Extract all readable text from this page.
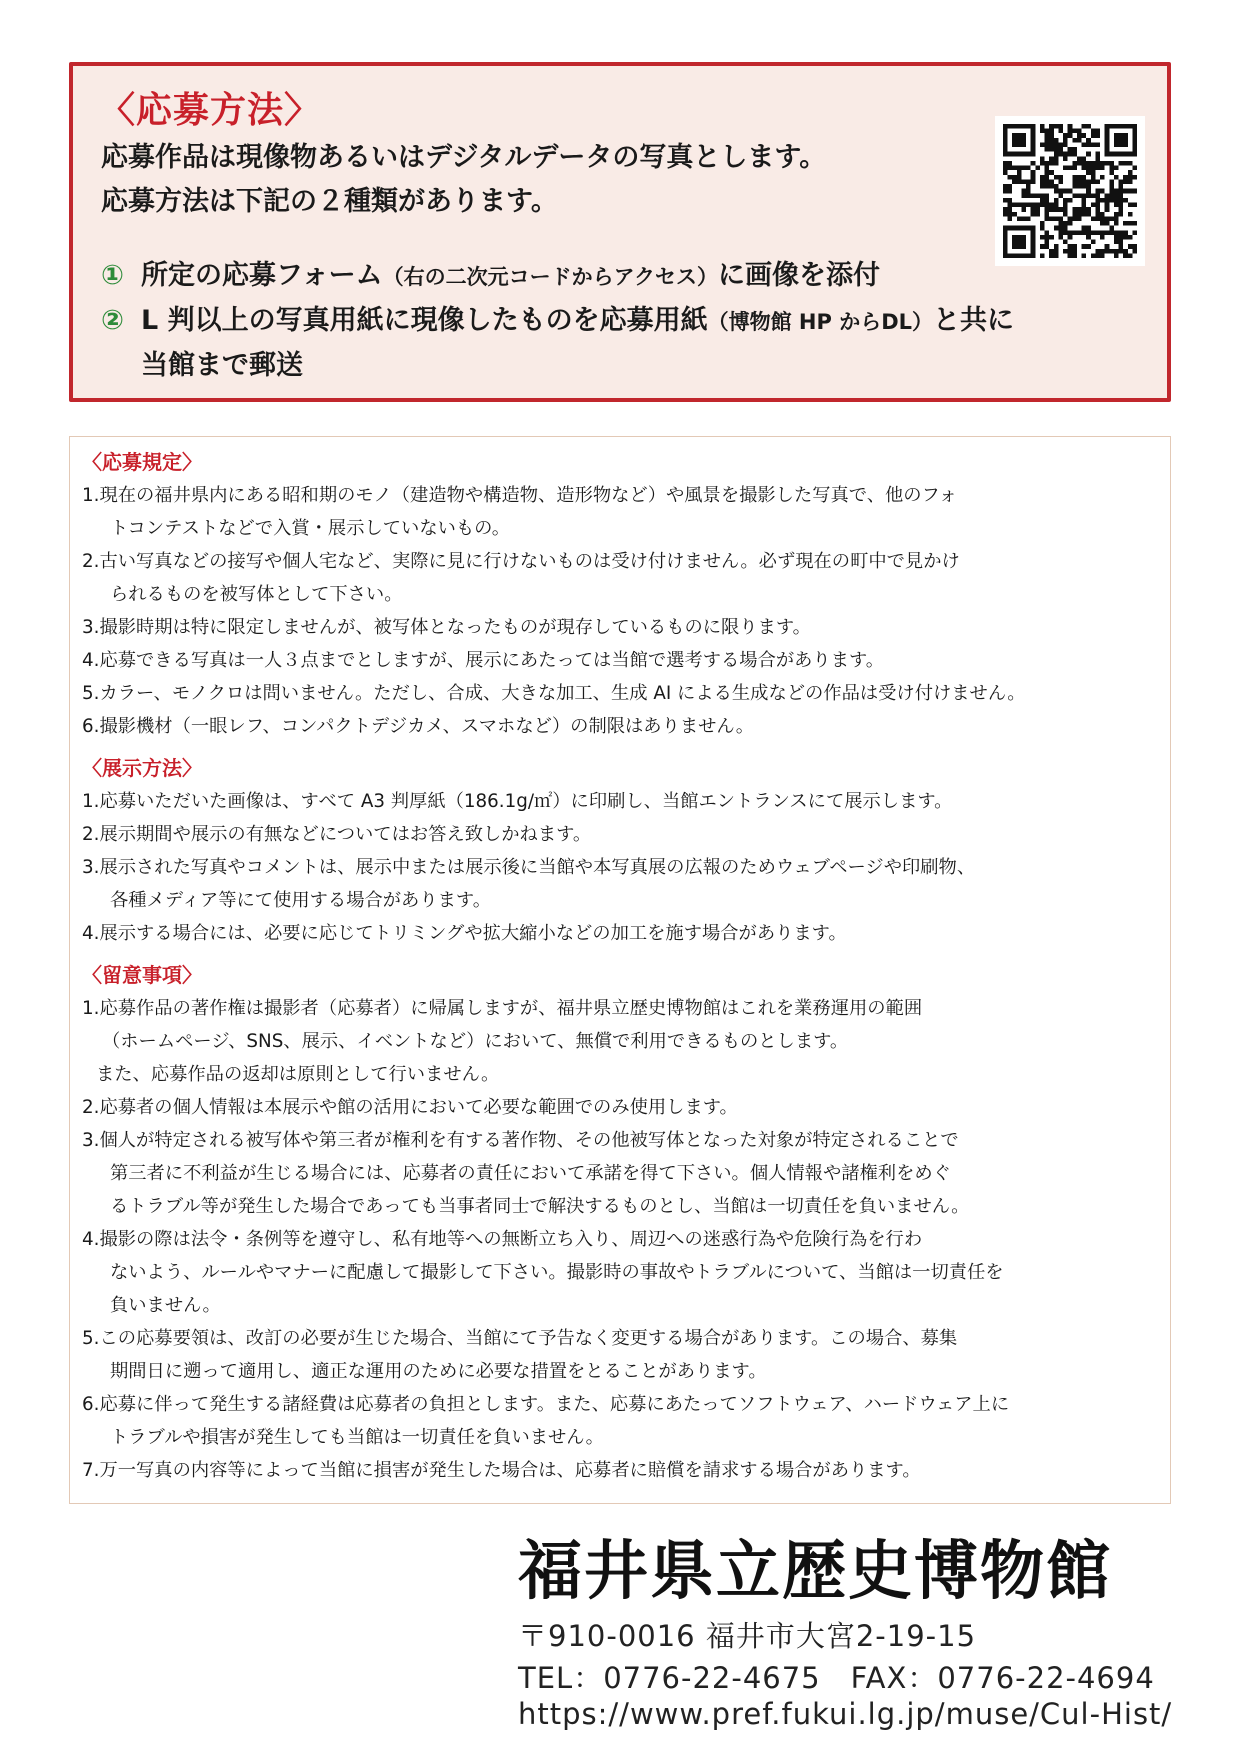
〈応募方法〉
応募作品は現像物あるいはデジタルデータの写真とします。
応募方法は下記の２種類があります。
① 所定の応募フォーム（右の二次元コードからアクセス）に画像を添付
② L 判以上の写真用紙に現像したものを応募用紙（博物館 HP からDL）と共に
当館まで郵送
〈応募規定〉
1.現在の福井県内にある昭和期のモノ（建造物や構造物、造形物など）や風景を撮影した写真で、他のフォ
トコンテストなどで入賞・展示していないもの。
2.古い写真などの接写や個人宅など、実際に見に行けないものは受け付けません。必ず現在の町中で見かけ
られるものを被写体として下さい。
3.撮影時期は特に限定しませんが、被写体となったものが現存しているものに限ります。
4.応募できる写真は一人３点までとしますが、展示にあたっては当館で選考する場合があります。
5.カラー、モノクロは問いません。ただし、合成、大きな加工、生成 AI による生成などの作品は受け付けません。
6.撮影機材（一眼レフ、コンパクトデジカメ、スマホなど）の制限はありません。
〈展示方法〉
1.応募いただいた画像は、すべて A3 判厚紙（186.1g/㎡）に印刷し、当館エントランスにて展示します。
2.展示期間や展示の有無などについてはお答え致しかねます。
3.展示された写真やコメントは、展示中または展示後に当館や本写真展の広報のためウェブページや印刷物、
各種メディア等にて使用する場合があります。
4.展示する場合には、必要に応じてトリミングや拡大縮小などの加工を施す場合があります。
〈留意事項〉
1.応募作品の著作権は撮影者（応募者）に帰属しますが、福井県立歴史博物館はこれを業務運用の範囲
（ホームページ、SNS、展示、イベントなど）において、無償で利用できるものとします。
また、応募作品の返却は原則として行いません。
2.応募者の個人情報は本展示や館の活用において必要な範囲でのみ使用します。
3.個人が特定される被写体や第三者が権利を有する著作物、その他被写体となった対象が特定されることで
第三者に不利益が生じる場合には、応募者の責任において承諾を得て下さい。個人情報や諸権利をめぐ
るトラブル等が発生した場合であっても当事者同士で解決するものとし、当館は一切責任を負いません。
4.撮影の際は法令・条例等を遵守し、私有地等への無断立ち入り、周辺への迷惑行為や危険行為を行わ
ないよう、ルールやマナーに配慮して撮影して下さい。撮影時の事故やトラブルについて、当館は一切責任を
負いません。
5.この応募要領は、改訂の必要が生じた場合、当館にて予告なく変更する場合があります。この場合、募集
期間日に遡って適用し、適正な運用のために必要な措置をとることがあります。
6.応募に伴って発生する諸経費は応募者の負担とします。また、応募にあたってソフトウェア、ハードウェア上に
トラブルや損害が発生しても当館は一切責任を負いません。
7.万一写真の内容等によって当館に損害が発生した場合は、応募者に賠償を請求する場合があります。
福井県立歴史博物館
〒910-0016 福井市大宮2-19-15
TEL：0776-22-4675　FAX：0776-22-4694
https://www.pref.fukui.lg.jp/muse/Cul-Hist/
